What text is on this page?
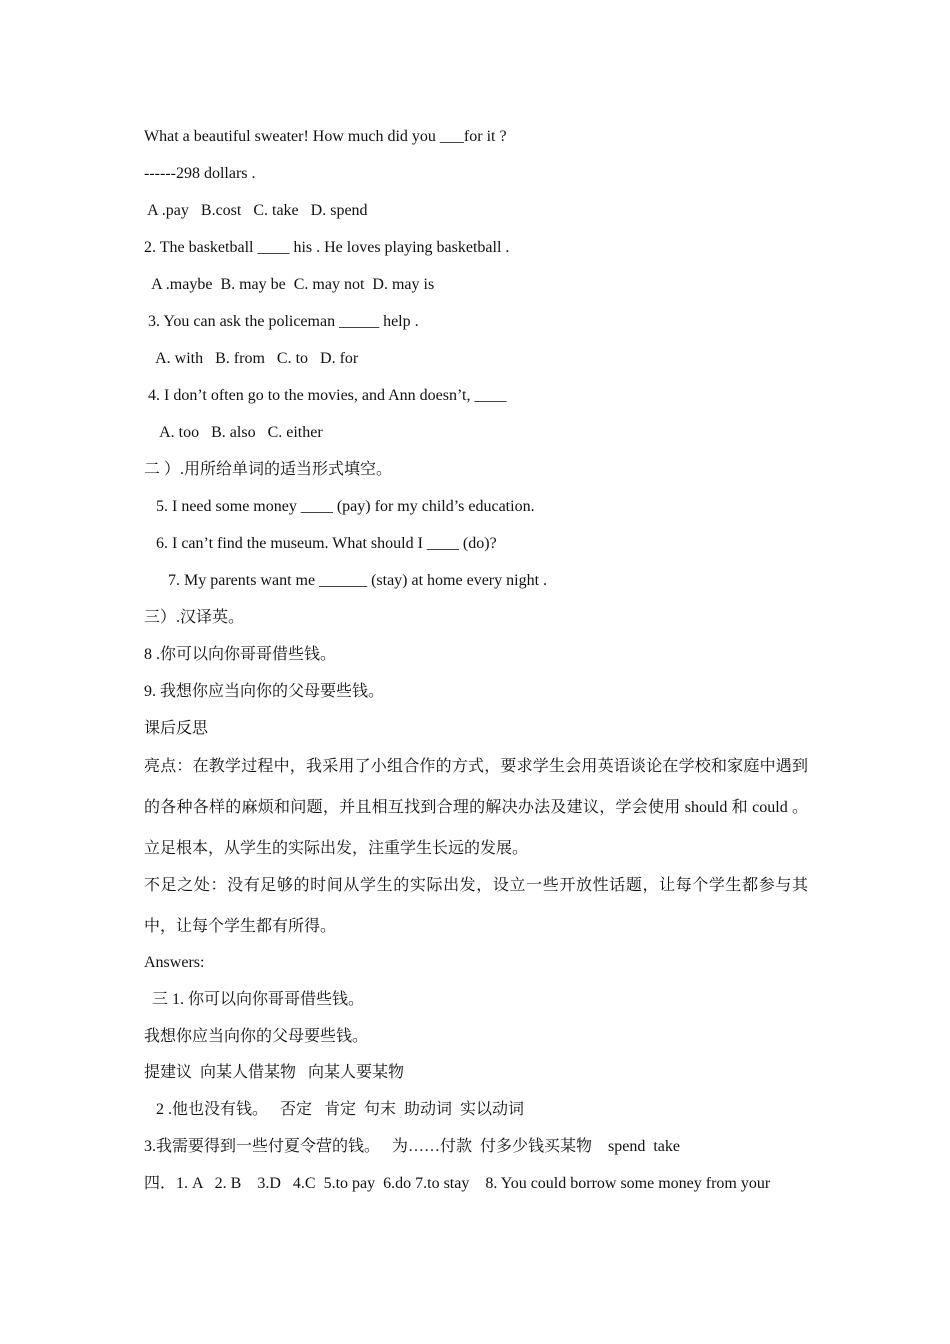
What a beautiful sweater! How much did you ___for it ?
------298 dollars .
A .pay   B.cost   C. take   D. spend
2. The basketball ____ his . He loves playing basketball .
A .maybe  B. may be  C. may not  D. may is
3. You can ask the policeman _____ help .
A. with   B. from   C. to   D. for
4. I don’t often go to the movies, and Ann doesn’t, ____
A. too   B. also   C. either
二 ）.用所给单词的适当形式填空。
5. I need some money ____ (pay) for my child’s education.
6. I can’t find the museum. What should I ____ (do)?
7. My parents want me ______ (stay) at home every night .
三）.汉译英。
8 .你可以向你哥哥借些钱。
9. 我想你应当向你的父母要些钱。
课后反思
亮点：在教学过程中，我采用了小组合作的方式，要求学生会用英语谈论在学校和家庭中遇到的各种各样的麻烦和问题，并且相互找到合理的解决办法及建议，学会使用 should 和 could 。立足根本，从学生的实际出发，注重学生长远的发展。
不足之处：没有足够的时间从学生的实际出发，设立一些开放性话题，让每个学生都参与其中，让每个学生都有所得。
Answers:
三 1. 你可以向你哥哥借些钱。
我想你应当向你的父母要些钱。
提建议  向某人借某物   向某人要某物
2 .他也没有钱。   否定   肯定  句末  助动词  实以动词
3.我需要得到一些付夏令营的钱。   为……付款  付多少钱买某物    spend  take
四．1. A   2. B    3.D   4.C  5.to pay  6.do 7.to stay    8. You could borrow some money from your
